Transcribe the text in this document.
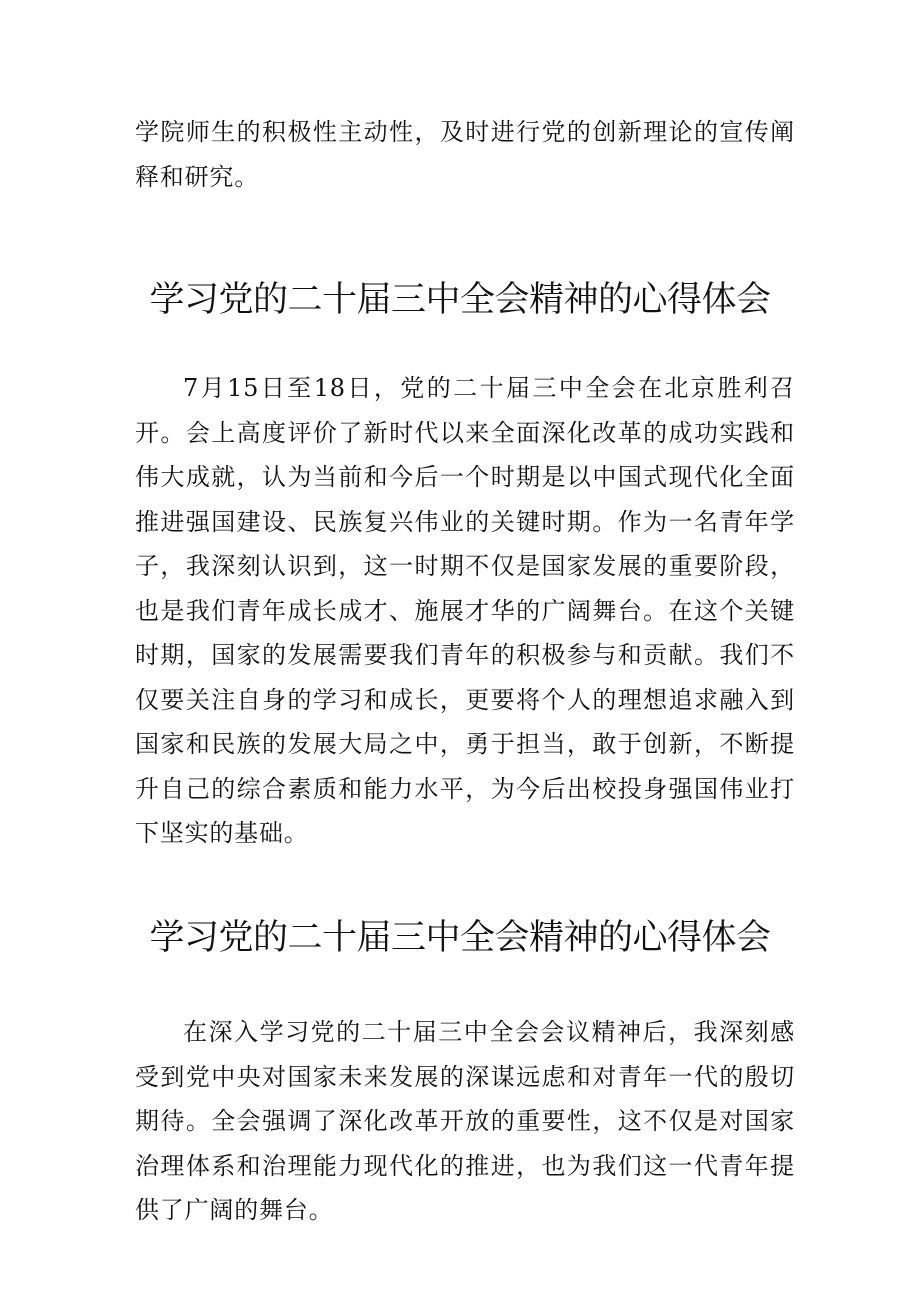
学院师生的积极性主动性，及时进行党的创新理论的宣传阐释和研究。

学习党的二十届三中全会精神的心得体会

7月15日至18日，党的二十届三中全会在北京胜利召开。会上高度评价了新时代以来全面深化改革的成功实践和伟大成就，认为当前和今后一个时期是以中国式现代化全面推进强国建设、民族复兴伟业的关键时期。作为一名青年学子，我深刻认识到，这一时期不仅是国家发展的重要阶段，也是我们青年成长成才、施展才华的广阔舞台。在这个关键时期，国家的发展需要我们青年的积极参与和贡献。我们不仅要关注自身的学习和成长，更要将个人的理想追求融入到国家和民族的发展大局之中，勇于担当，敢于创新，不断提升自己的综合素质和能力水平，为今后出校投身强国伟业打下坚实的基础。

学习党的二十届三中全会精神的心得体会

在深入学习党的二十届三中全会会议精神后，我深刻感受到党中央对国家未来发展的深谋远虑和对青年一代的殷切期待。全会强调了深化改革开放的重要性，这不仅是对国家治理体系和治理能力现代化的推进，也为我们这一代青年提供了广阔的舞台。
